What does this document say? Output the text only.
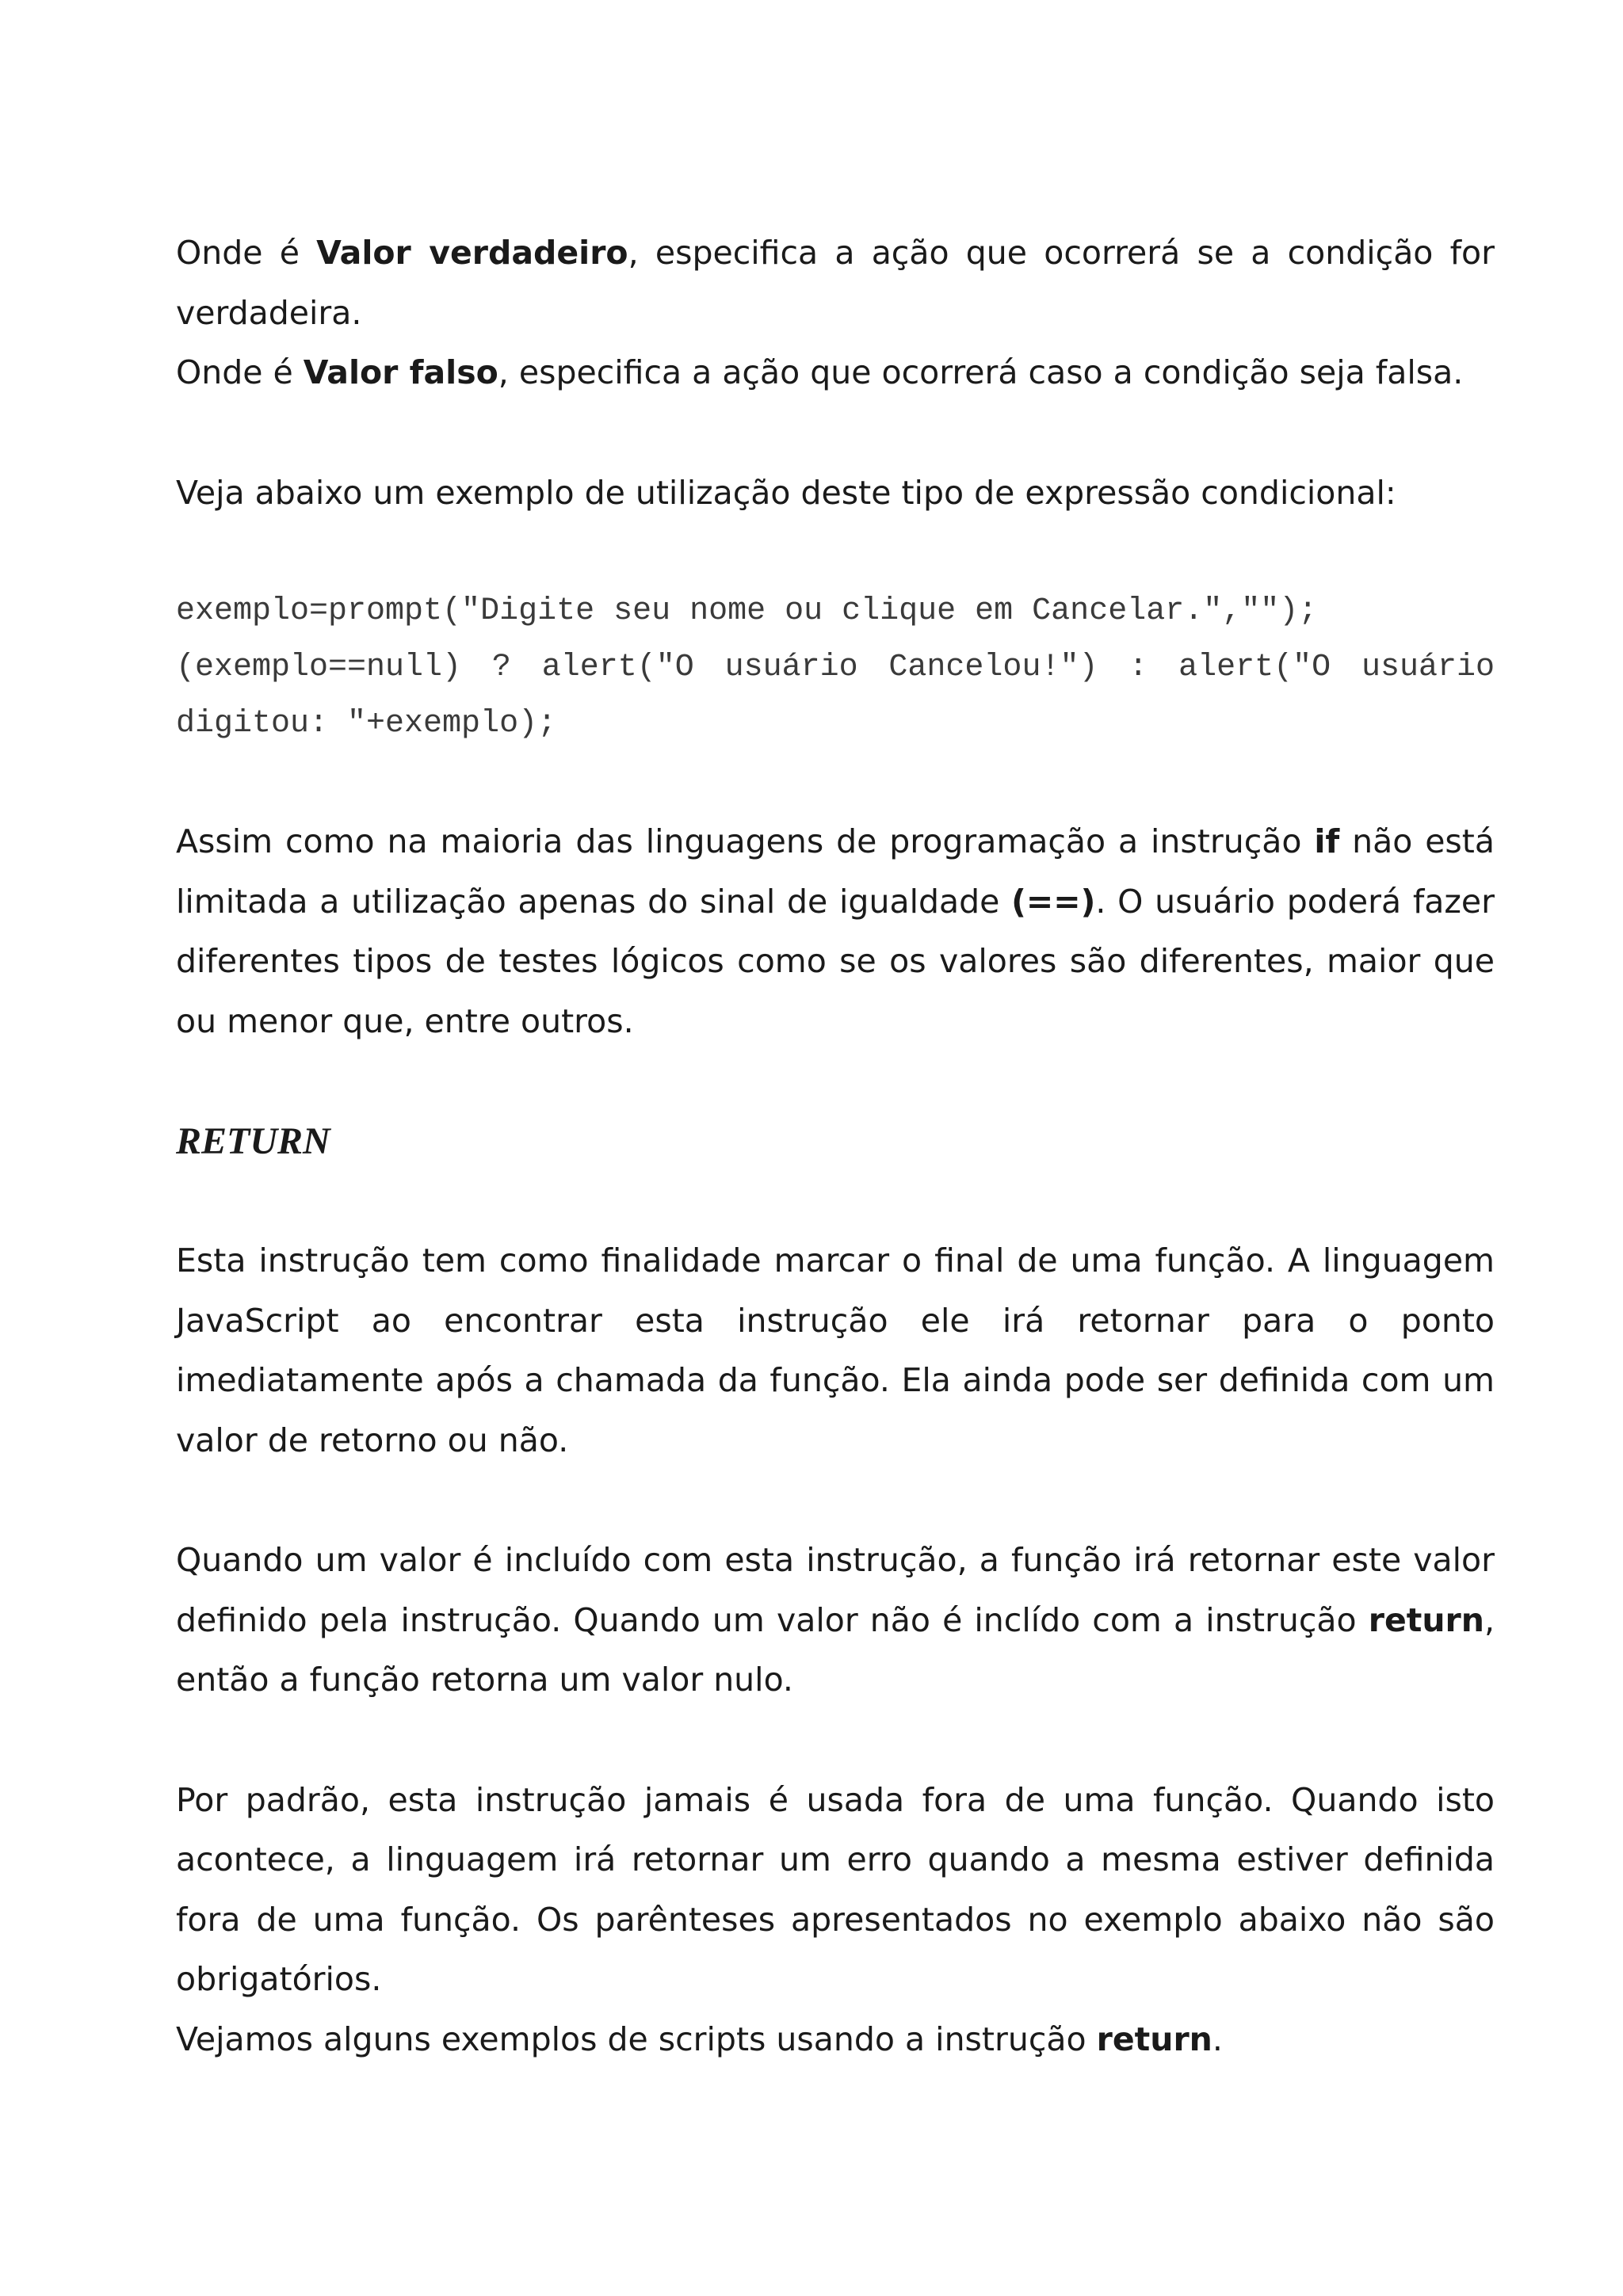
Onde é Valor verdadeiro, especifica a ação que ocorrerá se a condição for verdadeira.

Onde é Valor falso, especifica a ação que ocorrerá caso a condição seja falsa.

Veja abaixo um exemplo de utilização deste tipo de expressão condicional:

exemplo=prompt("Digite seu nome ou clique em Cancelar.","");

(exemplo==null) ? alert("O usuário Cancelou!") : alert("O usuário digitou: "+exemplo);

Assim como na maioria das linguagens de programação a instrução if não está limitada a utilização apenas do sinal de igualdade (==). O usuário poderá fazer diferentes tipos de testes lógicos como se os valores são diferentes, maior que ou menor que, entre outros.

RETURN

Esta instrução tem como finalidade marcar o final de uma função. A linguagem JavaScript ao encontrar esta instrução ele irá retornar para o ponto imediatamente após a chamada da função. Ela ainda pode ser definida com um valor de retorno ou não.

Quando um valor é incluído com esta instrução, a função irá retornar este valor definido pela instrução. Quando um valor não é inclído com a instrução return, então a função retorna um valor nulo.

Por padrão, esta instrução jamais é usada fora de uma função. Quando isto acontece, a linguagem irá retornar um erro quando a mesma estiver definida fora de uma função. Os parênteses apresentados no exemplo abaixo não são obrigatórios.

Vejamos alguns exemplos de scripts usando a instrução return.
